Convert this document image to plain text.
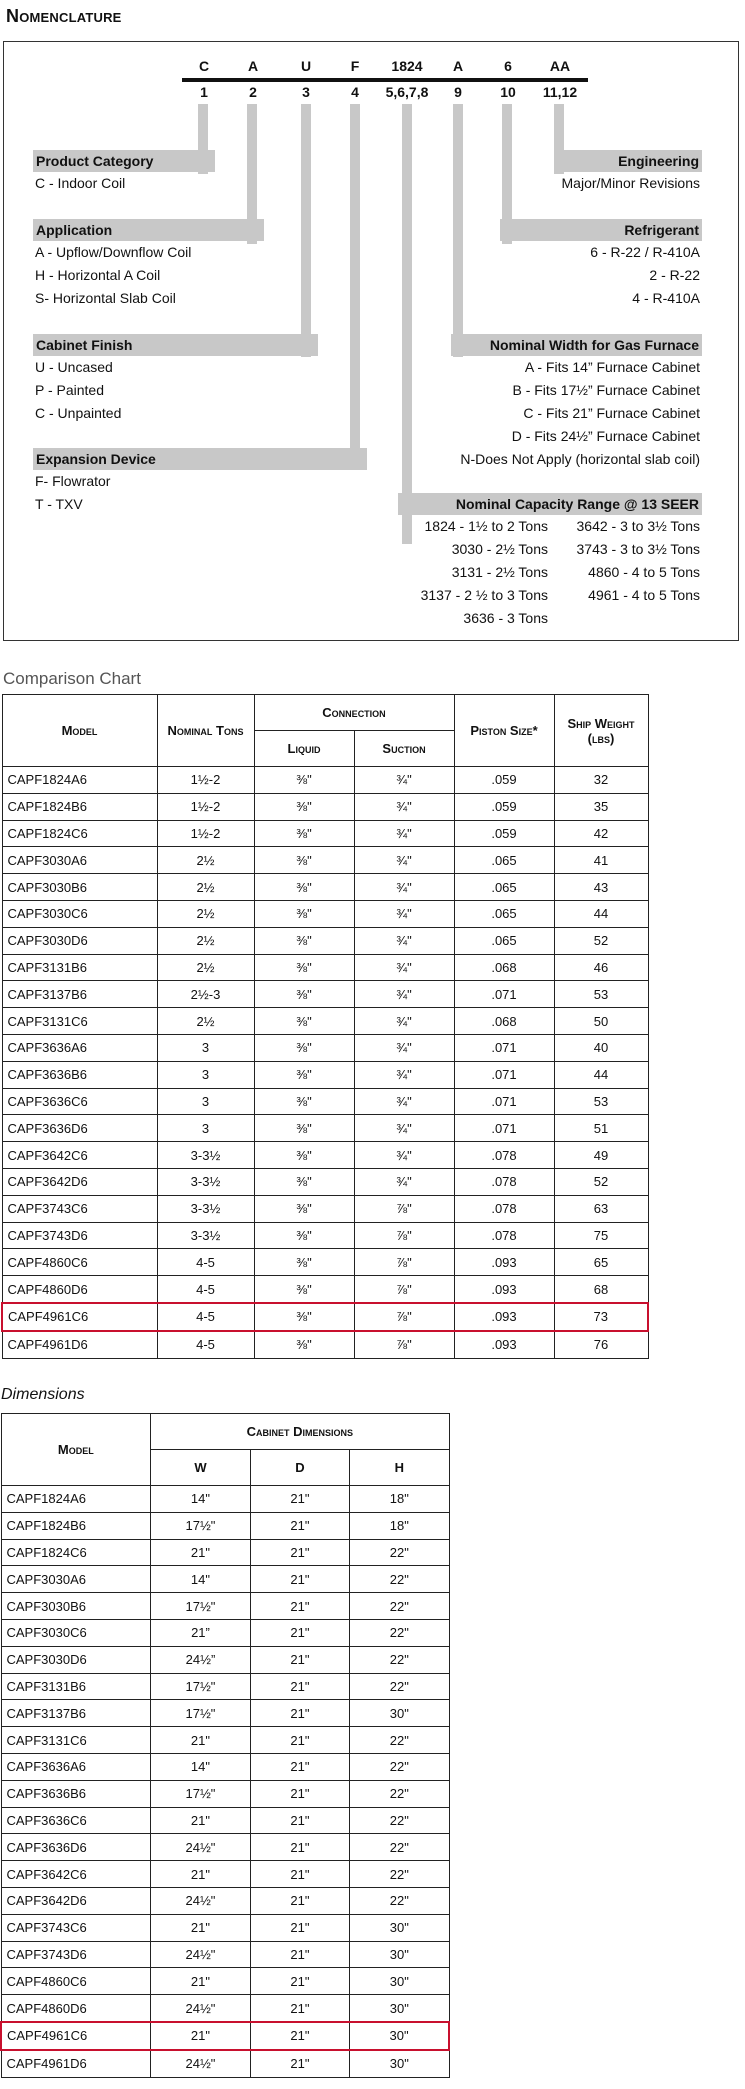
Nomenclature
C
1
A
2
U
3
F
4
1824
5,6,7,8
A
9
6
10
AA
11,12
Product Category
C - Indoor Coil
Application
A - Upflow/Downflow Coil
H - Horizontal A Coil
S- Horizontal Slab Coil
Cabinet Finish
U - Uncased
P - Painted
C - Unpainted
Expansion Device
F- Flowrator
T - TXV
Engineering
Major/Minor Revisions
Refrigerant
6 - R-22 / R-410A
2 - R-22
4 - R-410A
Nominal Width for Gas Furnace
A - Fits 14” Furnace Cabinet
B - Fits 17½” Furnace Cabinet
C - Fits 21” Furnace Cabinet
D - Fits 24½” Furnace Cabinet
N-Does Not Apply (horizontal slab coil)
Nominal Capacity Range @ 13 SEER
1824 - 1½ to 2 Tons
3030 - 2½ Tons
3131 - 2½ Tons
3137 - 2 ½ to 3 Tons
3636 - 3 Tons
3642 - 3 to 3½ Tons
3743 - 3 to 3½ Tons
4860 - 4 to 5 Tons
4961 - 4 to 5 Tons
Comparison Chart
Model	Nominal Tons	Connection		Piston Size*	Ship Weight (lbs)
		Liquid	Suction		
CAPF1824A6	1½-2	⅜"	¾"	.059	32
CAPF1824B6	1½-2	⅜"	¾"	.059	35
CAPF1824C6	1½-2	⅜"	¾"	.059	42
CAPF3030A6	2½	⅜"	¾"	.065	41
CAPF3030B6	2½	⅜"	¾"	.065	43
CAPF3030C6	2½	⅜"	¾"	.065	44
CAPF3030D6	2½	⅜"	¾"	.065	52
CAPF3131B6	2½	⅜"	¾"	.068	46
CAPF3137B6	2½-3	⅜"	¾"	.071	53
CAPF3131C6	2½	⅜"	¾"	.068	50
CAPF3636A6	3	⅜"	¾"	.071	40
CAPF3636B6	3	⅜"	¾"	.071	44
CAPF3636C6	3	⅜"	¾"	.071	53
CAPF3636D6	3	⅜"	¾"	.071	51
CAPF3642C6	3-3½	⅜"	¾"	.078	49
CAPF3642D6	3-3½	⅜"	¾"	.078	52
CAPF3743C6	3-3½	⅜"	⅞"	.078	63
CAPF3743D6	3-3½	⅜"	⅞"	.078	75
CAPF4860C6	4-5	⅜"	⅞"	.093	65
CAPF4860D6	4-5	⅜"	⅞"	.093	68
CAPF4961C6	4-5	⅜"	⅞"	.093	73
CAPF4961D6	4-5	⅜"	⅞"	.093	76
Dimensions
Model	Cabinet Dimensions		
	W	D	H
CAPF1824A6	14"	21"	18"
CAPF1824B6	17½"	21"	18"
CAPF1824C6	21"	21"	22"
CAPF3030A6	14"	21"	22"
CAPF3030B6	17½"	21"	22"
CAPF3030C6	21”	21"	22"
CAPF3030D6	24½”	21"	22"
CAPF3131B6	17½"	21"	22"
CAPF3137B6	17½"	21"	30"
CAPF3131C6	21"	21"	22"
CAPF3636A6	14"	21"	22"
CAPF3636B6	17½"	21"	22"
CAPF3636C6	21"	21"	22"
CAPF3636D6	24½"	21"	22"
CAPF3642C6	21"	21"	22"
CAPF3642D6	24½"	21"	22"
CAPF3743C6	21"	21"	30"
CAPF3743D6	24½"	21"	30"
CAPF4860C6	21"	21"	30"
CAPF4860D6	24½"	21"	30"
CAPF4961C6	21"	21"	30"
CAPF4961D6	24½"	21"	30"
